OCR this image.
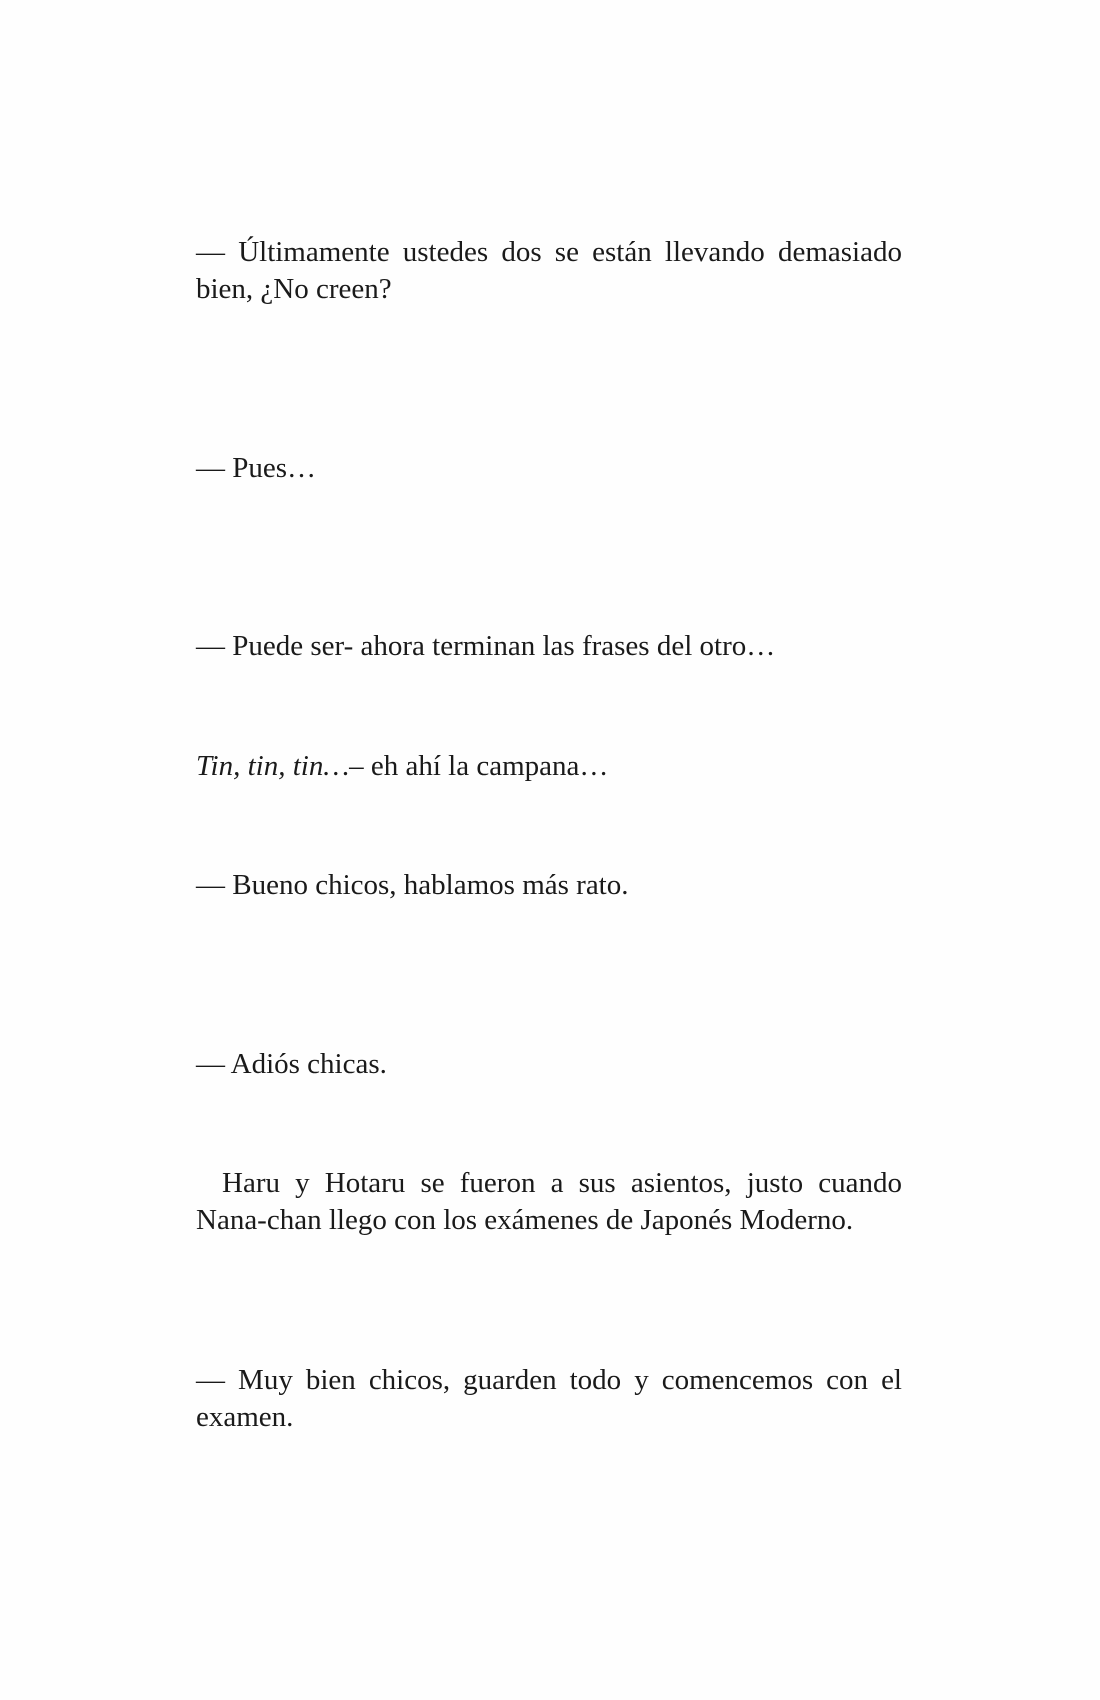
— Últimamente ustedes dos se están llevando demasiado bien, ¿No creen?

— Pues…

— Puede ser- ahora terminan las frases del otro…

Tin, tin, tin…– eh ahí la campana…

— Bueno chicos, hablamos más rato.

— Adiós chicas.

Haru y Hotaru se fueron a sus asientos, justo cuando Nana-chan llego con los exámenes de Japonés Moderno.

— Muy bien chicos, guarden todo y comencemos con el examen.
